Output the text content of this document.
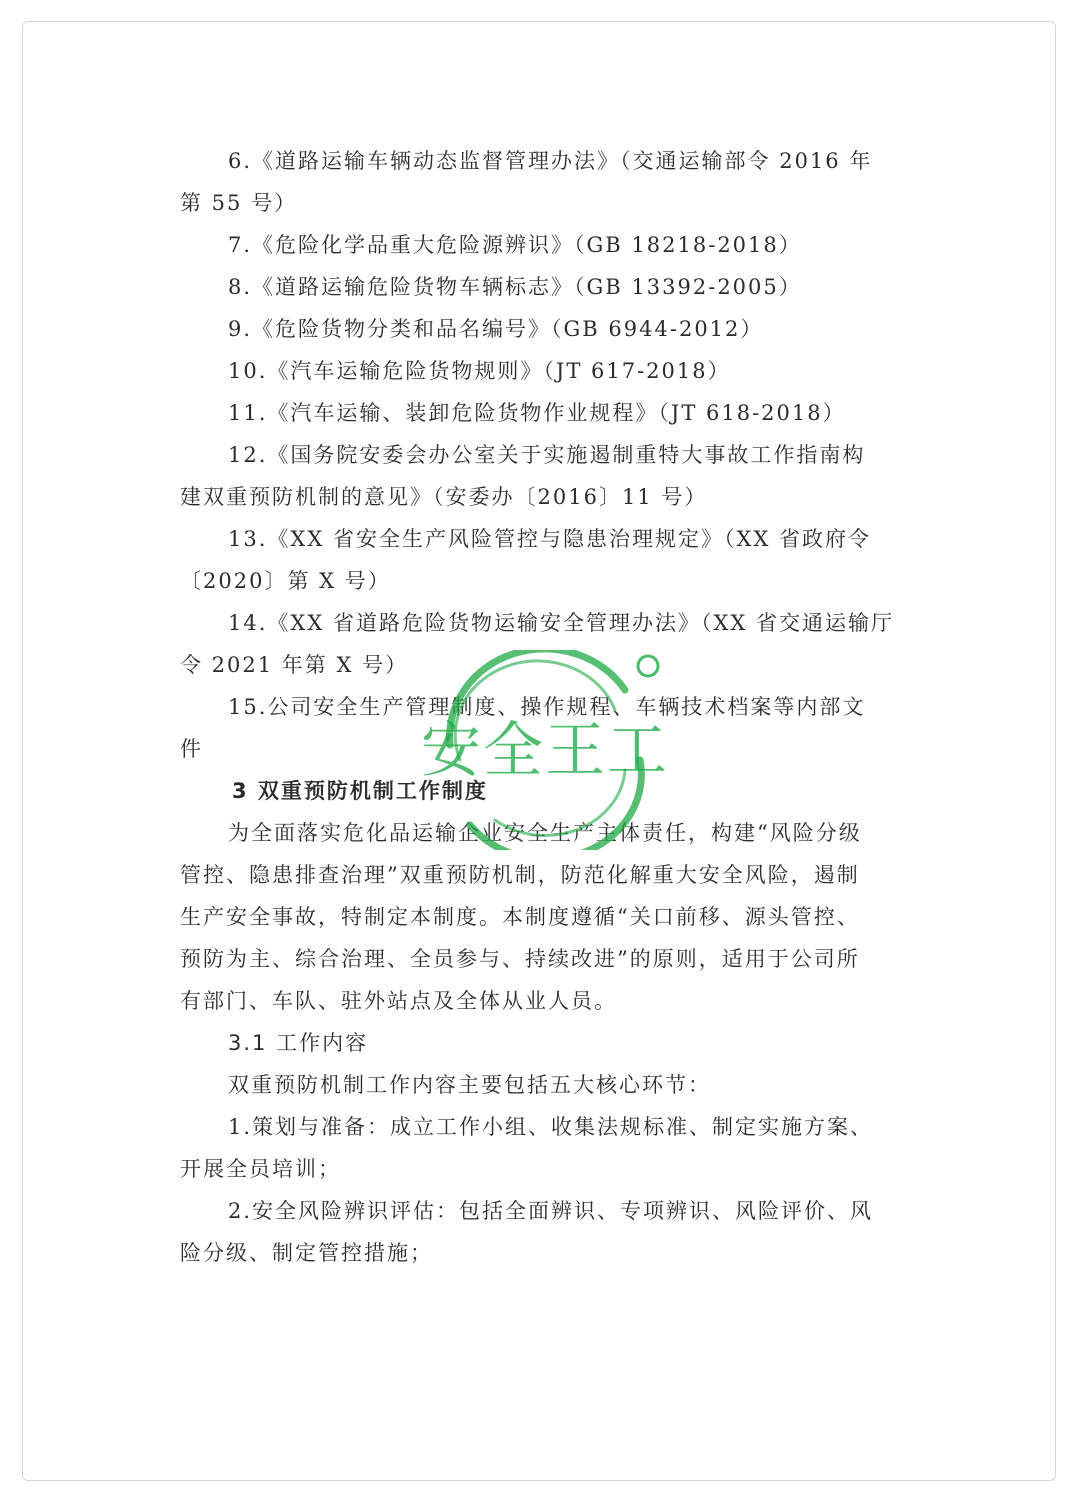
6.《道路运输车辆动态监督管理办法》（交通运输部令 2016 年
第 55 号）
7.《危险化学品重大危险源辨识》（GB 18218-2018）
8.《道路运输危险货物车辆标志》（GB 13392-2005）
9.《危险货物分类和品名编号》（GB 6944-2012）
10.《汽车运输危险货物规则》（JT 617-2018）
11.《汽车运输、装卸危险货物作业规程》（JT 618-2018）
12.《国务院安委会办公室关于实施遏制重特大事故工作指南构
建双重预防机制的意见》（安委办〔2016〕11 号）
13.《XX 省安全生产风险管控与隐患治理规定》（XX 省政府令
〔2020〕第 X 号）
14.《XX 省道路危险货物运输安全管理办法》（XX 省交通运输厅
令 2021 年第 X 号）
15.公司安全生产管理制度、操作规程、车辆技术档案等内部文
件
3 双重预防机制工作制度
为全面落实危化品运输企业安全生产主体责任，构建“风险分级
管控、隐患排查治理”双重预防机制，防范化解重大安全风险，遏制
生产安全事故，特制定本制度。本制度遵循“关口前移、源头管控、
预防为主、综合治理、全员参与、持续改进”的原则，适用于公司所
有部门、车队、驻外站点及全体从业人员。
3.1 工作内容
双重预防机制工作内容主要包括五大核心环节：
1.策划与准备：成立工作小组、收集法规标准、制定实施方案、
开展全员培训；
2.安全风险辨识评估：包括全面辨识、专项辨识、风险评价、风
险分级、制定管控措施；
安全王工
